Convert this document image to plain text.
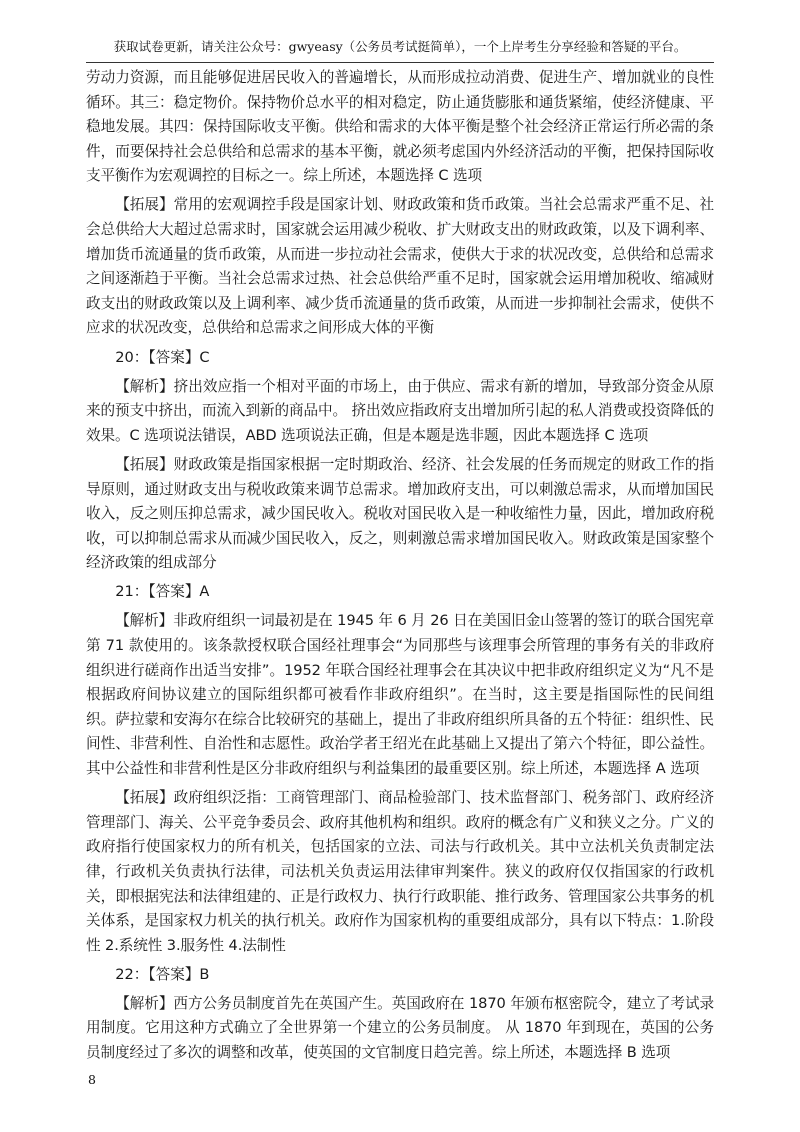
获取试卷更新，请关注公众号：gwyeasy（公务员考试挺简单），一个上岸考生分享经验和答疑的平台。

劳动力资源，而且能够促进居民收入的普遍增长，从而形成拉动消费、促进生产、增加就业的良性循环。其三：稳定物价。保持物价总水平的相对稳定，防止通货膨胀和通货紧缩，使经济健康、平稳地发展。其四：保持国际收支平衡。供给和需求的大体平衡是整个社会经济正常运行所必需的条件，而要保持社会总供给和总需求的基本平衡，就必须考虑国内外经济活动的平衡，把保持国际收支平衡作为宏观调控的目标之一。综上所述，本题选择 C 选项

【拓展】常用的宏观调控手段是国家计划、财政政策和货币政策。当社会总需求严重不足、社会总供给大大超过总需求时，国家就会运用减少税收、扩大财政支出的财政政策，以及下调利率、增加货币流通量的货币政策，从而进一步拉动社会需求，使供大于求的状况改变，总供给和总需求之间逐渐趋于平衡。当社会总需求过热、社会总供给严重不足时，国家就会运用增加税收、缩减财政支出的财政政策以及上调利率、减少货币流通量的货币政策，从而进一步抑制社会需求，使供不应求的状况改变，总供给和总需求之间形成大体的平衡

20：【答案】C

【解析】挤出效应指一个相对平面的市场上，由于供应、需求有新的增加，导致部分资金从原来的预支中挤出，而流入到新的商品中。 挤出效应指政府支出增加所引起的私人消费或投资降低的效果。C 选项说法错误，ABD 选项说法正确，但是本题是选非题，因此本题选择 C 选项

【拓展】财政政策是指国家根据一定时期政治、经济、社会发展的任务而规定的财政工作的指导原则，通过财政支出与税收政策来调节总需求。增加政府支出，可以刺激总需求，从而增加国民收入，反之则压抑总需求，减少国民收入。税收对国民收入是一种收缩性力量，因此，增加政府税收，可以抑制总需求从而减少国民收入，反之，则刺激总需求增加国民收入。财政政策是国家整个经济政策的组成部分

21：【答案】A

【解析】非政府组织一词最初是在 1945 年 6 月 26 日在美国旧金山签署的签订的联合国宪章第 71 款使用的。该条款授权联合国经社理事会“为同那些与该理事会所管理的事务有关的非政府组织进行磋商作出适当安排”。1952 年联合国经社理事会在其决议中把非政府组织定义为“凡不是根据政府间协议建立的国际组织都可被看作非政府组织”。在当时，这主要是指国际性的民间组织。萨拉蒙和安海尔在综合比较研究的基础上，提出了非政府组织所具备的五个特征：组织性、民间性、非营利性、自治性和志愿性。政治学者王绍光在此基础上又提出了第六个特征，即公益性。其中公益性和非营利性是区分非政府组织与利益集团的最重要区别。综上所述，本题选择 A 选项

【拓展】政府组织泛指：工商管理部门、商品检验部门、技术监督部门、税务部门、政府经济管理部门、海关、公平竞争委员会、政府其他机构和组织。政府的概念有广义和狭义之分。广义的政府指行使国家权力的所有机关，包括国家的立法、司法与行政机关。其中立法机关负责制定法律，行政机关负责执行法律，司法机关负责运用法律审判案件。狭义的政府仅仅指国家的行政机关，即根据宪法和法律组建的、正是行政权力、执行行政职能、推行政务、管理国家公共事务的机关体系，是国家权力机关的执行机关。政府作为国家机构的重要组成部分，具有以下特点：1.阶段性 2.系统性 3.服务性 4.法制性

22：【答案】B

【解析】西方公务员制度首先在英国产生。英国政府在 1870 年颁布枢密院令，建立了考试录用制度。它用这种方式确立了全世界第一个建立的公务员制度。 从 1870 年到现在，英国的公务员制度经过了多次的调整和改革，使英国的文官制度日趋完善。综上所述，本题选择 B 选项

8
